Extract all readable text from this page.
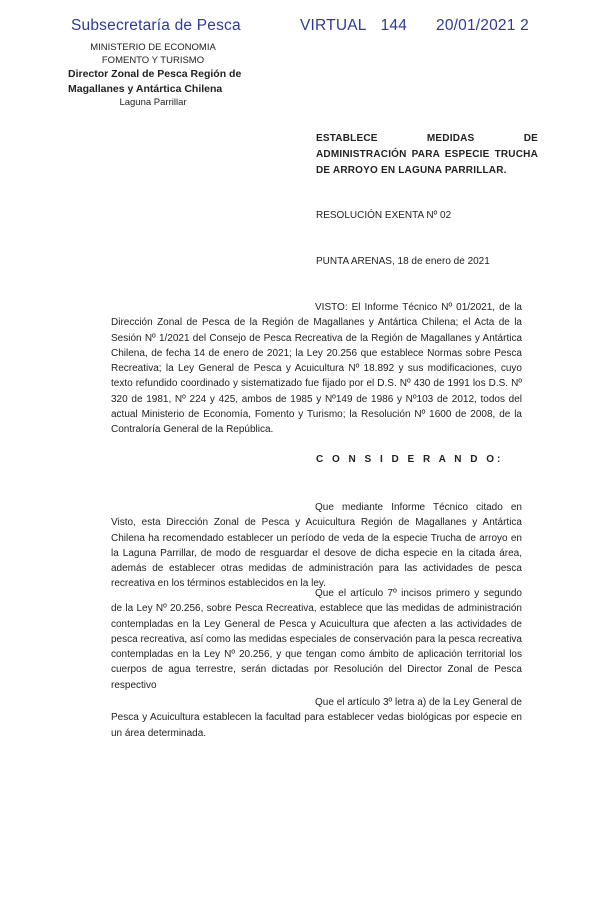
Subsecretaría de Pesca	VIRTUAL 144	20/01/2021 2
MINISTERIO DE ECONOMIA
FOMENTO Y TURISMO
Director Zonal de Pesca Región de
Magallanes y Antártica Chilena
Laguna Parrillar
ESTABLECE MEDIDAS DE ADMINISTRACIÓN PARA ESPECIE TRUCHA DE ARROYO EN LAGUNA PARRILLAR.
RESOLUCIÓN EXENTA Nº 02
PUNTA ARENAS, 18 de enero de 2021
VISTO: El Informe Técnico Nº 01/2021, de la Dirección Zonal de Pesca de la Región de Magallanes y Antártica Chilena; el Acta de la Sesión Nº 1/2021 del Consejo de Pesca Recreativa de la Región de Magallanes y Antártica Chilena, de fecha 14 de enero de 2021; la Ley 20.256 que establece Normas sobre Pesca Recreativa; la Ley General de Pesca y Acuicultura Nº 18.892 y sus modificaciones, cuyo texto refundido coordinado y sistematizado fue fijado por el D.S. Nº 430 de 1991 los D.S. Nº 320 de 1981, Nº 224 y 425, ambos de 1985 y Nº149 de 1986 y Nº103 de 2012, todos del actual Ministerio de Economía, Fomento y Turismo; la Resolución Nº 1600 de 2008, de la Contraloría General de la República.
C O N S I D E R A N D O:
Que mediante Informe Técnico citado en Visto, esta Dirección Zonal de Pesca y Acuicultura Región de Magallanes y Antártica Chilena ha recomendado establecer un período de veda de la especie Trucha de arroyo en la Laguna Parrillar, de modo de resguardar el desove de dicha especie en la citada área, además de establecer otras medidas de administración para las actividades de pesca recreativa en los términos establecidos en la ley.
Que el artículo 7º incisos primero y segundo de la Ley Nº 20.256, sobre Pesca Recreativa, establece que las medidas de administración contempladas en la Ley General de Pesca y Acuicultura que afecten a las actividades de pesca recreativa, así como las medidas especiales de conservación para la pesca recreativa contempladas en la Ley Nº 20.256, y que tengan como ámbito de aplicación territorial los cuerpos de agua terrestre, serán dictadas por Resolución del Director Zonal de Pesca respectivo
Que el artículo 3º letra a) de la Ley General de Pesca y Acuicultura establecen la facultad para establecer vedas biológicas por especie en un área determinada.
